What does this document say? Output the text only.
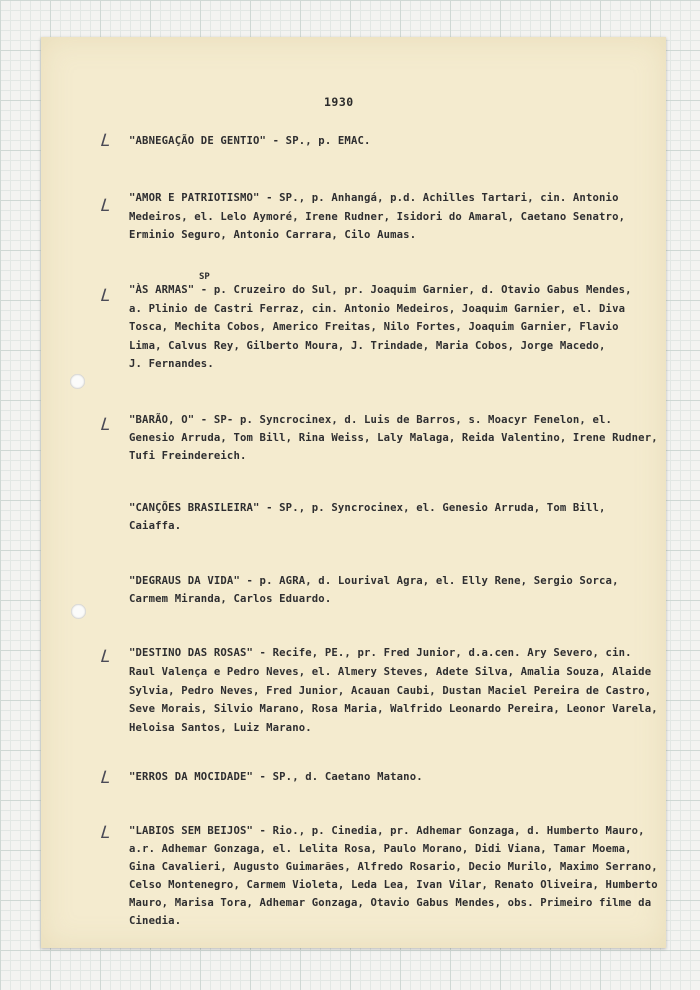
1930
L "ABNEGAÇÃO DE GENTIO" - SP., p. EMAC.
L "AMOR E PATRIOTISMO" - SP., p. Anhangá, p.d. Achilles Tartari, cin. Antonio
Medeiros, el. Lelo Aymoré, Irene Rudner, Isidori do Amaral, Caetano Senatro,
Erminio Seguro, Antonio Carrara, Cilo Aumas.
L
SP
"ÀS ARMAS" - p. Cruzeiro do Sul, pr. Joaquim Garnier, d. Otavio Gabus Mendes,
a. Plinio de Castri Ferraz, cin. Antonio Medeiros, Joaquim Garnier, el. Diva
Tosca, Mechita Cobos, Americo Freitas, Nilo Fortes, Joaquim Garnier, Flavio
Lima, Calvus Rey, Gilberto Moura, J. Trindade, Maria Cobos, Jorge Macedo,
J. Fernandes.
L "BARÃO, O" - SP- p. Syncrocinex, d. Luis de Barros, s. Moacyr Fenelon, el.
Genesio Arruda, Tom Bill, Rina Weiss, Laly Malaga, Reida Valentino, Irene Rudner,
Tufi Freindereich.
"CANÇÕES BRASILEIRA" - SP., p. Syncrocinex, el. Genesio Arruda, Tom Bill,
Caiaffa.
"DEGRAUS DA VIDA" - p. AGRA, d. Lourival Agra, el. Elly Rene, Sergio Sorca,
Carmem Miranda, Carlos Eduardo.
L "DESTINO DAS ROSAS" - Recife, PE., pr. Fred Junior, d.a.cen. Ary Severo, cin.
Raul Valença e Pedro Neves, el. Almery Steves, Adete Silva, Amalia Souza, Alaide
Sylvia, Pedro Neves, Fred Junior, Acauan Caubi, Dustan Maciel Pereira de Castro,
Seve Morais, Silvio Marano, Rosa Maria, Walfrido Leonardo Pereira, Leonor Varela,
Heloisa Santos, Luiz Marano.
L "ERROS DA MOCIDADE" - SP., d. Caetano Matano.
L "LABIOS SEM BEIJOS" - Rio., p. Cinedia, pr. Adhemar Gonzaga, d. Humberto Mauro,
a.r. Adhemar Gonzaga, el. Lelita Rosa, Paulo Morano, Didi Viana, Tamar Moema,
Gina Cavalieri, Augusto Guimarães, Alfredo Rosario, Decio Murilo, Maximo Serrano,
Celso Montenegro, Carmem Violeta, Leda Lea, Ivan Vilar, Renato Oliveira, Humberto
Mauro, Marisa Tora, Adhemar Gonzaga, Otavio Gabus Mendes, obs. Primeiro filme da
Cinedia.
